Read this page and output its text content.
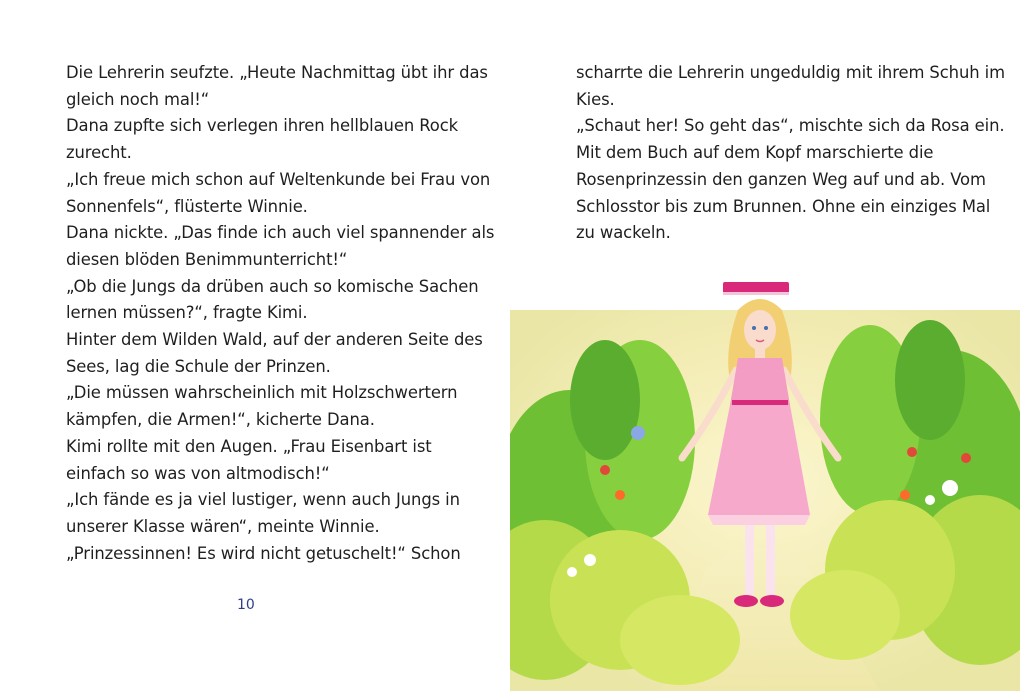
Die Lehrerin seufzte. „Heute Nachmittag übt ihr das
gleich noch mal!“
Dana zupfte sich verlegen ihren hellblauen Rock
zurecht.
„Ich freue mich schon auf Weltenkunde bei Frau von
Sonnenfels“, flüsterte Winnie.
Dana nickte. „Das finde ich auch viel spannender als
diesen blöden Benimmunterricht!“
„Ob die Jungs da drüben auch so komische Sachen
lernen müssen?“, fragte Kimi.
Hinter dem Wilden Wald, auf der anderen Seite des
Sees, lag die Schule der Prinzen.
„Die müssen wahrscheinlich mit Holzschwertern
kämpfen, die Armen!“, kicherte Dana.
Kimi rollte mit den Augen. „Frau Eisenbart ist
einfach so was von altmodisch!“
„Ich fände es ja viel lustiger, wenn auch Jungs in
unserer Klasse wären“, meinte Winnie.
„Prinzessinnen! Es wird nicht getuschelt!“ Schon
10
scharrte die Lehrerin ungeduldig mit ihrem Schuh im
Kies.
„Schaut her! So geht das“, mischte sich da Rosa ein.
Mit dem Buch auf dem Kopf marschierte die
Rosenprinzessin den ganzen Weg auf und ab. Vom
Schlosstor bis zum Brunnen. Ohne ein einziges Mal
zu wackeln.
